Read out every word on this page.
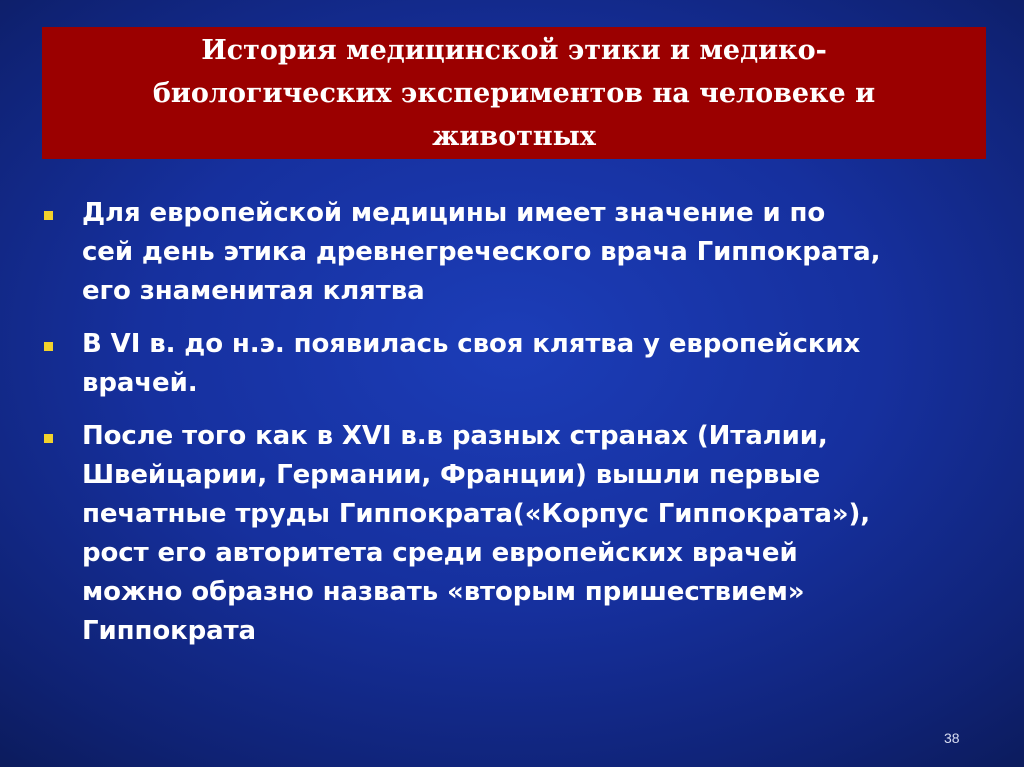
История медицинской этики и медико-
биологических экспериментов на человеке и
животных

Для европейской медицины имеет значение и по
сей день этика древнегреческого врача Гиппократа,
его знаменитая клятва
В VI в. до н.э. появилась своя клятва у европейских
врачей.
После того как в XVI в.в разных странах (Италии,
Швейцарии, Германии, Франции) вышли первые
печатные труды Гиппократа(«Корпус Гиппократа»),
рост его авторитета среди европейских врачей
можно образно назвать «вторым пришествием»
Гиппократа
38
